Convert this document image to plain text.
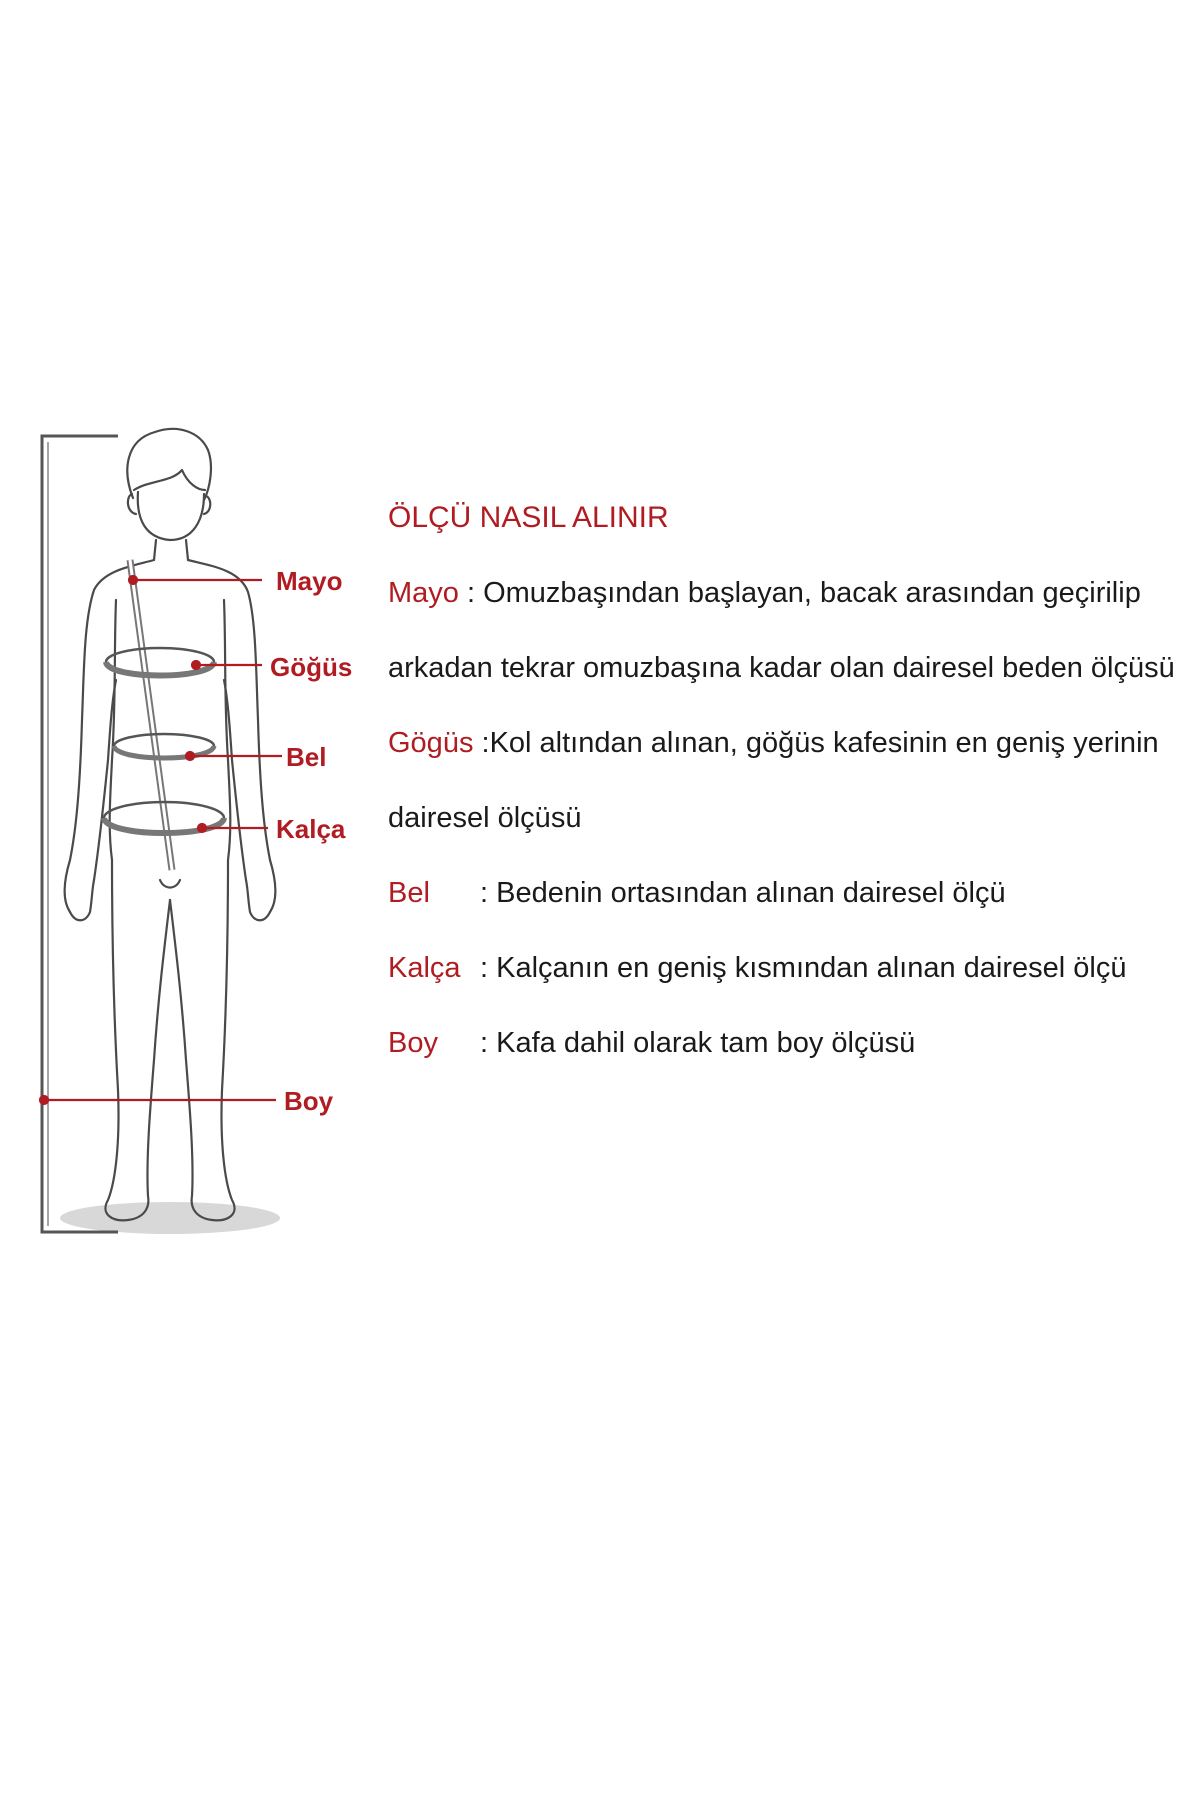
Mayo
Göğüs
Bel
Kalça
Boy
ÖLÇÜ NASIL ALINIR
Mayo : Omuzbaşından başlayan, bacak arasından geçirilip
arkadan tekrar omuzbaşına kadar olan dairesel beden ölçüsü
Gögüs :Kol altından alınan, göğüs kafesinin en geniş yerinin
dairesel ölçüsü
Bel : Bedenin ortasından alınan dairesel ölçü
Kalça : Kalçanın en geniş kısmından alınan dairesel ölçü
Boy : Kafa dahil olarak tam boy ölçüsü
